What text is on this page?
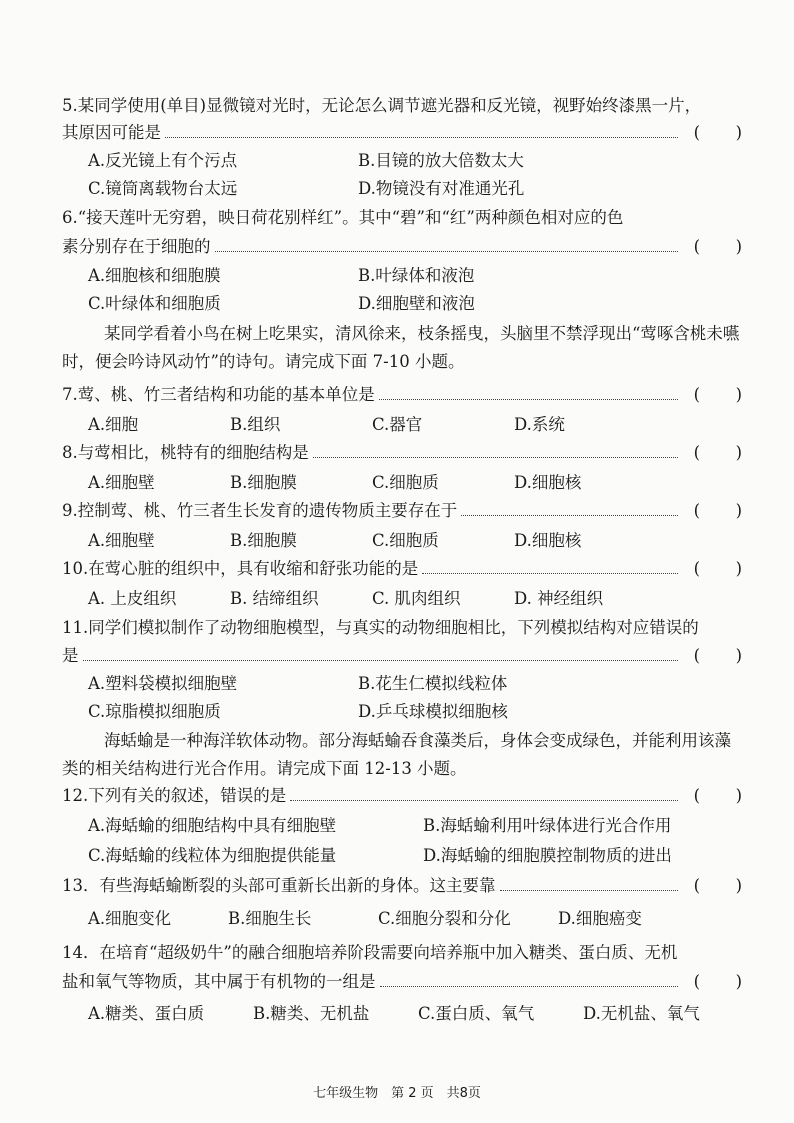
5.某同学使用(单目)显微镜对光时，无论怎么调节遮光器和反光镜，视野始终漆黑一片，
其原因可能是	( )
A.反光镜上有个污点	B.目镜的放大倍数太大
C.镜筒离载物台太远	D.物镜没有对准通光孔
6.“接天莲叶无穷碧，映日荷花别样红”。其中“碧”和“红”两种颜色相对应的色
素分别存在于细胞的	( )
A.细胞核和细胞膜	B.叶绿体和液泡
C.叶绿体和细胞质	D.细胞壁和液泡
某同学看着小鸟在树上吃果实，清风徐来，枝条摇曳，头脑里不禁浮现出“莺啄含桃未嚥时，便会吟诗风动竹”的诗句。请完成下面 7-10 小题。
7.莺、桃、竹三者结构和功能的基本单位是	( )
A.细胞	B.组织	C.器官	D.系统
8.与莺相比，桃特有的细胞结构是	( )
A.细胞壁	B.细胞膜	C.细胞质	D.细胞核
9.控制莺、桃、竹三者生长发育的遗传物质主要存在于	( )
A.细胞壁	B.细胞膜	C.细胞质	D.细胞核
10.在莺心脏的组织中，具有收缩和舒张功能的是	( )
A. 上皮组织	B. 结缔组织	C. 肌肉组织	D. 神经组织
11.同学们模拟制作了动物细胞模型，与真实的动物细胞相比，下列模拟结构对应错误的
是	( )
A.塑料袋模拟细胞壁	B.花生仁模拟线粒体
C.琼脂模拟细胞质	D.乒乓球模拟细胞核
海蛞蝓是一种海洋软体动物。部分海蛞蝓吞食藻类后，身体会变成绿色，并能利用该藻类的相关结构进行光合作用。请完成下面 12-13 小题。
12.下列有关的叙述，错误的是	( )
A.海蛞蝓的细胞结构中具有细胞壁	B.海蛞蝓利用叶绿体进行光合作用
C.海蛞蝓的线粒体为细胞提供能量	D.海蛞蝓的细胞膜控制物质的进出
13．有些海蛞蝓断裂的头部可重新长出新的身体。这主要靠	( )
A.细胞变化	B.细胞生长	C.细胞分裂和分化	D.细胞癌变
14．在培育“超级奶牛”的融合细胞培养阶段需要向培养瓶中加入糖类、蛋白质、无机
盐和氧气等物质，其中属于有机物的一组是	( )
A.糖类、蛋白质	B.糖类、无机盐	C.蛋白质、氧气	D.无机盐、氧气
七年级生物　第 2 页　共8页
